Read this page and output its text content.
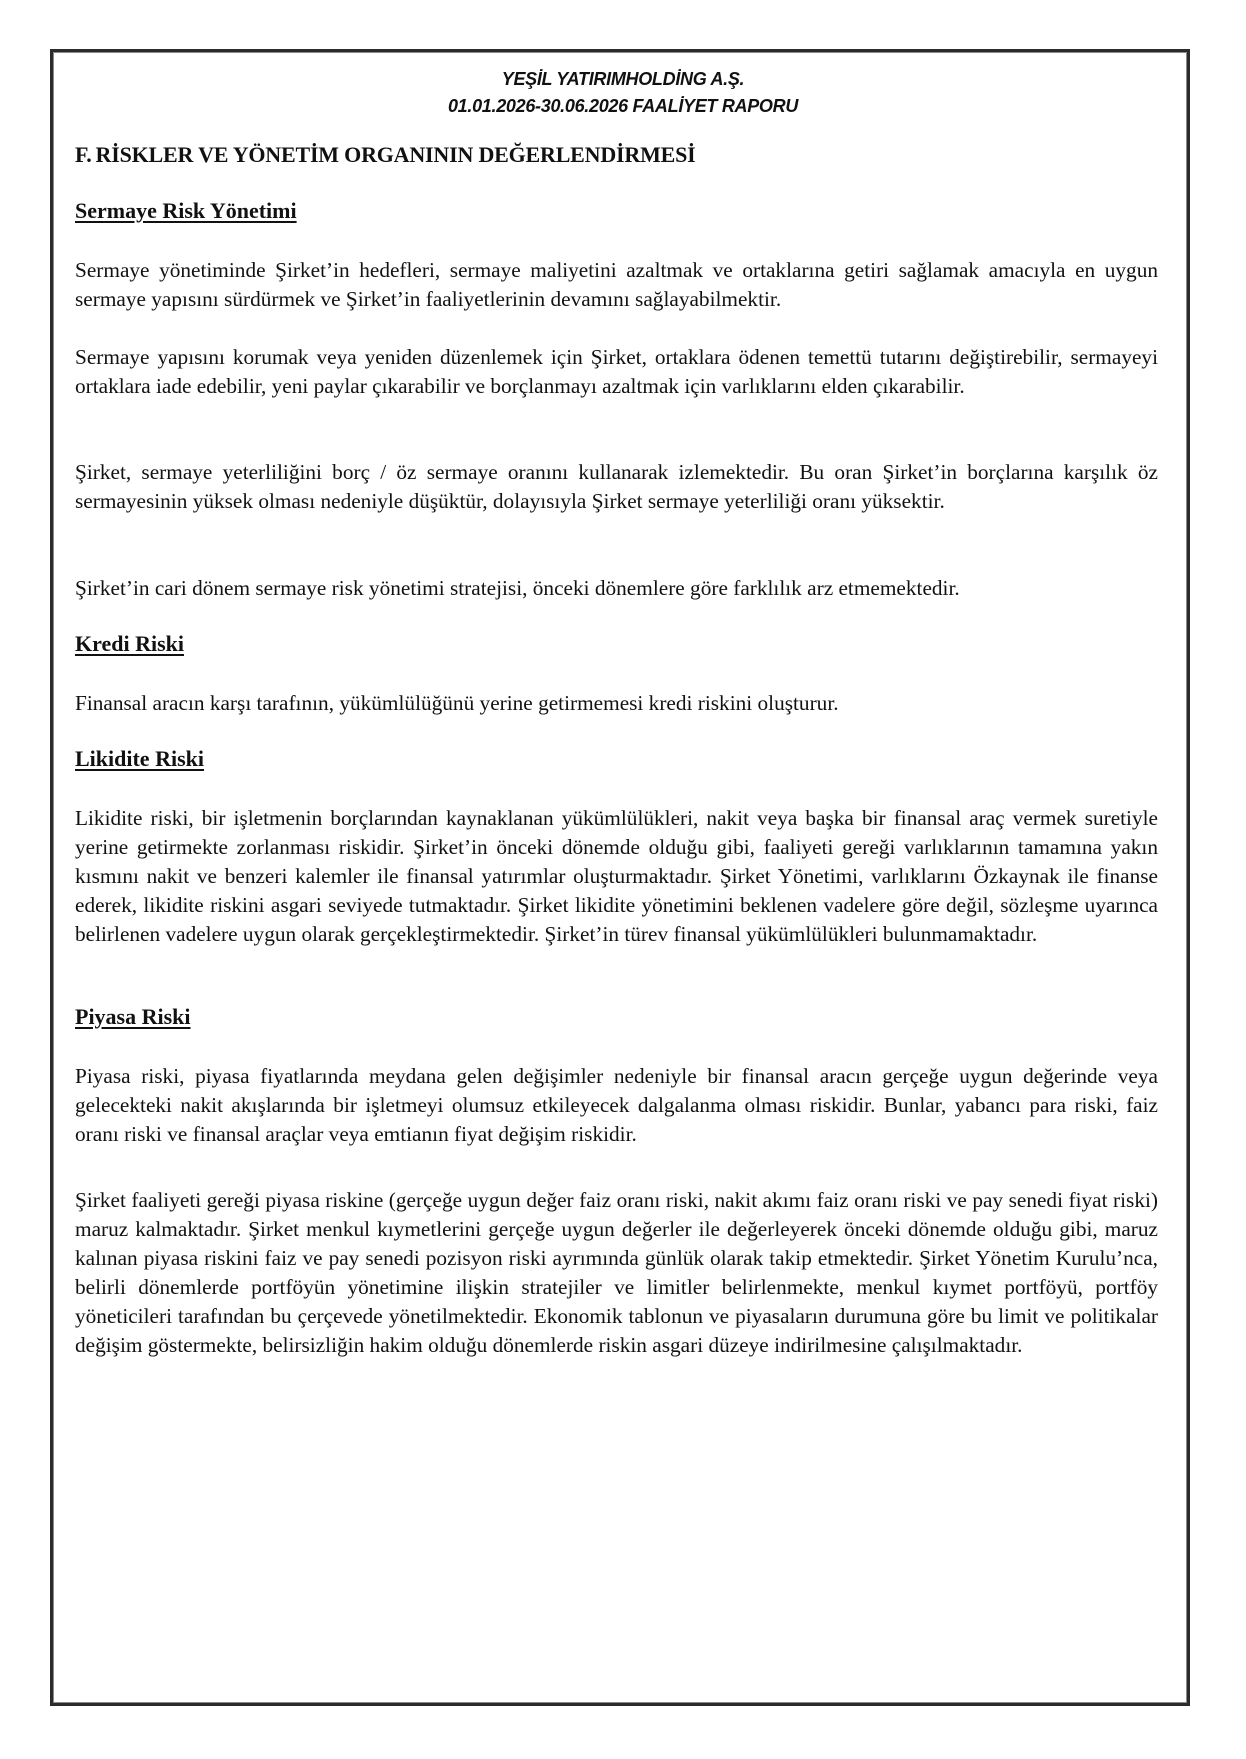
YEŞİL YATIRIMHOLDİNG A.Ş.
01.01.2026-30.06.2026 FAALİYET RAPORU
F. RİSKLER VE YÖNETİM ORGANININ DEĞERLENDİRMESİ
Sermaye Risk Yönetimi
Sermaye yönetiminde Şirket’in hedefleri, sermaye maliyetini azaltmak ve ortaklarına getiri sağlamak amacıyla en uygun sermaye yapısını sürdürmek ve Şirket’in faaliyetlerinin devamını sağlayabilmektir.
Sermaye yapısını korumak veya yeniden düzenlemek için Şirket, ortaklara ödenen temettü tutarını değiştirebilir, sermayeyi ortaklara iade edebilir, yeni paylar çıkarabilir ve borçlanmayı azaltmak için varlıklarını elden çıkarabilir.
Şirket, sermaye yeterliliğini borç / öz sermaye oranını kullanarak izlemektedir. Bu oran Şirket’in borçlarına karşılık öz sermayesinin yüksek olması nedeniyle düşüktür, dolayısıyla Şirket sermaye yeterliliği oranı yüksektir.
Şirket’in cari dönem sermaye risk yönetimi stratejisi, önceki dönemlere göre farklılık arz etmemektedir.
Kredi Riski
Finansal aracın karşı tarafının, yükümlülüğünü yerine getirmemesi kredi riskini oluşturur.
Likidite Riski
Likidite riski, bir işletmenin borçlarından kaynaklanan yükümlülükleri, nakit veya başka bir finansal araç vermek suretiyle yerine getirmekte zorlanması riskidir. Şirket’in önceki dönemde olduğu gibi, faaliyeti gereği varlıklarının tamamına yakın kısmını nakit ve benzeri kalemler ile finansal yatırımlar oluşturmaktadır. Şirket Yönetimi, varlıklarını Özkaynak ile finanse ederek, likidite riskini asgari seviyede tutmaktadır. Şirket likidite yönetimini beklenen vadelere göre değil, sözleşme uyarınca belirlenen vadelere uygun olarak gerçekleştirmektedir. Şirket’in türev finansal yükümlülükleri bulunmamaktadır.
Piyasa Riski
Piyasa riski, piyasa fiyatlarında meydana gelen değişimler nedeniyle bir finansal aracın gerçeğe uygun değerinde veya gelecekteki nakit akışlarında bir işletmeyi olumsuz etkileyecek dalgalanma olması riskidir. Bunlar, yabancı para riski, faiz oranı riski ve finansal araçlar veya emtianın fiyat değişim riskidir.
Şirket faaliyeti gereği piyasa riskine (gerçeğe uygun değer faiz oranı riski, nakit akımı faiz oranı riski ve pay senedi fiyat riski) maruz kalmaktadır. Şirket menkul kıymetlerini gerçeğe uygun değerler ile değerleyerek önceki dönemde olduğu gibi, maruz kalınan piyasa riskini faiz ve pay senedi pozisyon riski ayrımında günlük olarak takip etmektedir. Şirket Yönetim Kurulu’nca, belirli dönemlerde portföyün yönetimine ilişkin stratejiler ve limitler belirlenmekte, menkul kıymet portföyü, portföy yöneticileri tarafından bu çerçevede yönetilmektedir. Ekonomik tablonun ve piyasaların durumuna göre bu limit ve politikalar değişim göstermekte, belirsizliğin hakim olduğu dönemlerde riskin asgari düzeye indirilmesine çalışılmaktadır.
